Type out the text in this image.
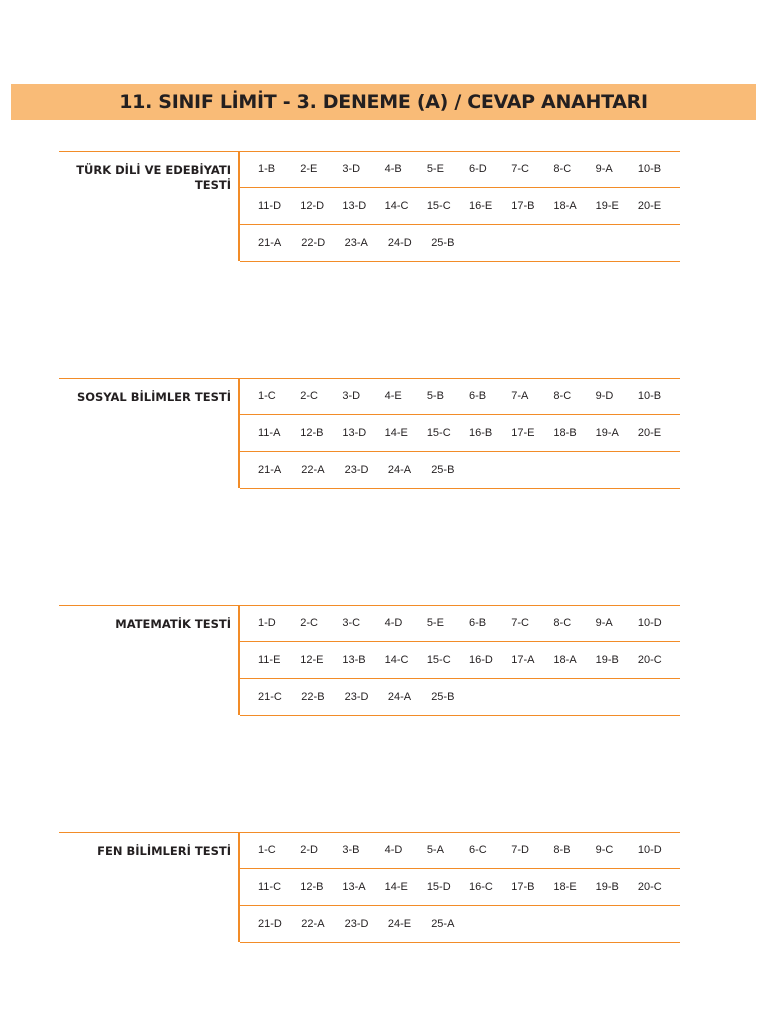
11. SINIF LİMİT - 3. DENEME (A) / CEVAP ANAHTARI
TÜRK DİLİ VE EDEBİYATI
TESTİ
1-B	2-E	3-D	4-B	5-E	6-D	7-C	8-C	9-A	10-B
11-D	12-D	13-D	14-C	15-C	16-E	17-B	18-A	19-E	20-E
21-A	22-D	23-A	24-D	25-B
SOSYAL BİLİMLER TESTİ 1-C	2-C	3-D	4-E	5-B	6-B	7-A	8-C	9-D	10-B
11-A	12-B	13-D	14-E	15-C	16-B	17-E	18-B	19-A	20-E
21-A	22-A	23-D	24-A	25-B
MATEMATİK TESTİ 1-D	2-C	3-C	4-D	5-E	6-B	7-C	8-C	9-A	10-D
11-E	12-E	13-B	14-C	15-C	16-D	17-A	18-A	19-B	20-C
21-C	22-B	23-D	24-A	25-B
FEN BİLİMLERİ TESTİ 1-C	2-D	3-B	4-D	5-A	6-C	7-D	8-B	9-C	10-D
11-C	12-B	13-A	14-E	15-D	16-C	17-B	18-E	19-B	20-C
21-D	22-A	23-D	24-E	25-A
